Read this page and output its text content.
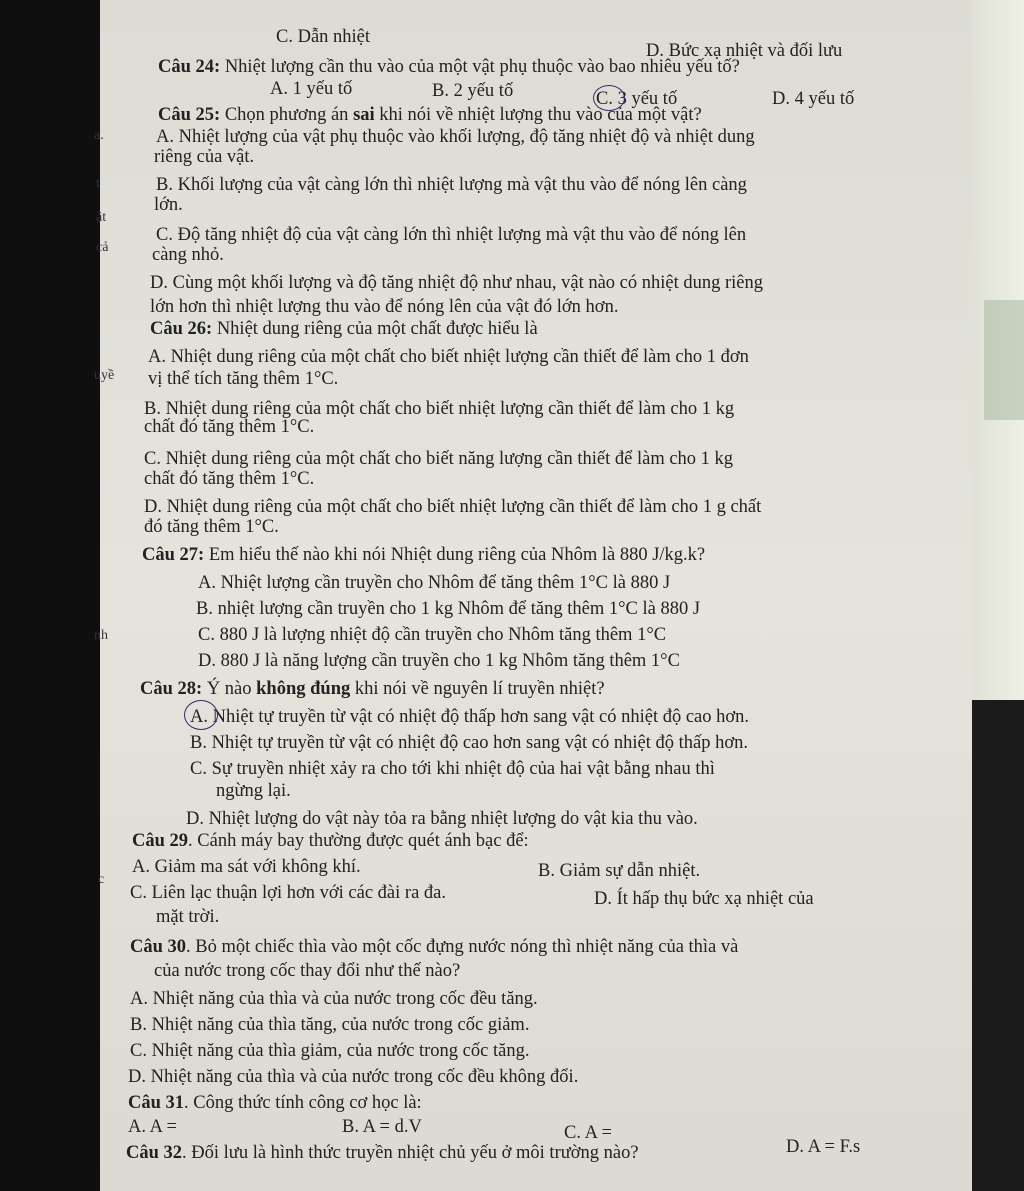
a.
t
ật
cả
uyề
nh
c
C. Dẫn nhiệt
D. Bức xạ nhiệt và đối lưu
Câu 24: Nhiệt lượng cần thu vào của một vật phụ thuộc vào bao nhiêu yếu tố?
A. 1 yếu tố	B. 2 yếu tố	C. 3 yếu tố	D. 4 yếu tố
Câu 25: Chọn phương án sai khi nói về nhiệt lượng thu vào của một vật?
A. Nhiệt lượng của vật phụ thuộc vào khối lượng, độ tăng nhiệt độ và nhiệt dung
riêng của vật.
B. Khối lượng của vật càng lớn thì nhiệt lượng mà vật thu vào để nóng lên càng
lớn.
C. Độ tăng nhiệt độ của vật càng lớn thì nhiệt lượng mà vật thu vào để nóng lên
càng nhỏ.
D. Cùng một khối lượng và độ tăng nhiệt độ như nhau, vật nào có nhiệt dung riêng
lớn hơn thì nhiệt lượng thu vào để nóng lên của vật đó lớn hơn.
Câu 26: Nhiệt dung riêng của một chất được hiểu là
A. Nhiệt dung riêng của một chất cho biết nhiệt lượng cần thiết để làm cho 1 đơn
vị thể tích tăng thêm 1°C.
B. Nhiệt dung riêng của một chất cho biết nhiệt lượng cần thiết để làm cho 1 kg
chất đó tăng thêm 1°C.
C. Nhiệt dung riêng của một chất cho biết năng lượng cần thiết để làm cho 1 kg
chất đó tăng thêm 1°C.
D. Nhiệt dung riêng của một chất cho biết nhiệt lượng cần thiết để làm cho 1 g chất
đó tăng thêm 1°C.
Câu 27: Em hiểu thế nào khi nói Nhiệt dung riêng của Nhôm là 880 J/kg.k?
A. Nhiệt lượng cần truyền cho Nhôm để tăng thêm 1°C là 880 J
B. nhiệt lượng cần truyền cho 1 kg Nhôm để tăng thêm 1°C là 880 J
C. 880 J là lượng nhiệt độ cần truyền cho Nhôm tăng thêm 1°C
D. 880 J là năng lượng cần truyền cho 1 kg Nhôm tăng thêm 1°C
Câu 28: Ý nào không đúng khi nói về nguyên lí truyền nhiệt?
A. Nhiệt tự truyền từ vật có nhiệt độ thấp hơn sang vật có nhiệt độ cao hơn.
B. Nhiệt tự truyền từ vật có nhiệt độ cao hơn sang vật có nhiệt độ thấp hơn.
C. Sự truyền nhiệt xảy ra cho tới khi nhiệt độ của hai vật bằng nhau thì
ngừng lại.
D. Nhiệt lượng do vật này tỏa ra bằng nhiệt lượng do vật kia thu vào.
Câu 29. Cánh máy bay thường được quét ánh bạc để:
A. Giảm ma sát với không khí.	B. Giảm sự dẫn nhiệt.
C. Liên lạc thuận lợi hơn với các đài ra đa.	D. Ít hấp thụ bức xạ nhiệt của
mặt trời.
Câu 30. Bỏ một chiếc thìa vào một cốc đựng nước nóng thì nhiệt năng của thìa và
của nước trong cốc thay đổi như thế nào?
A. Nhiệt năng của thìa và của nước trong cốc đều tăng.
B. Nhiệt năng của thìa tăng, của nước trong cốc giảm.
C. Nhiệt năng của thìa giảm, của nước trong cốc tăng.
D. Nhiệt năng của thìa và của nước trong cốc đều không đổi.
Câu 31. Công thức tính công cơ học là:
A. A =	B. A = d.V	C. A =
D. A = F.s
Câu 32. Đối lưu là hình thức truyền nhiệt chủ yếu ở môi trường nào?
